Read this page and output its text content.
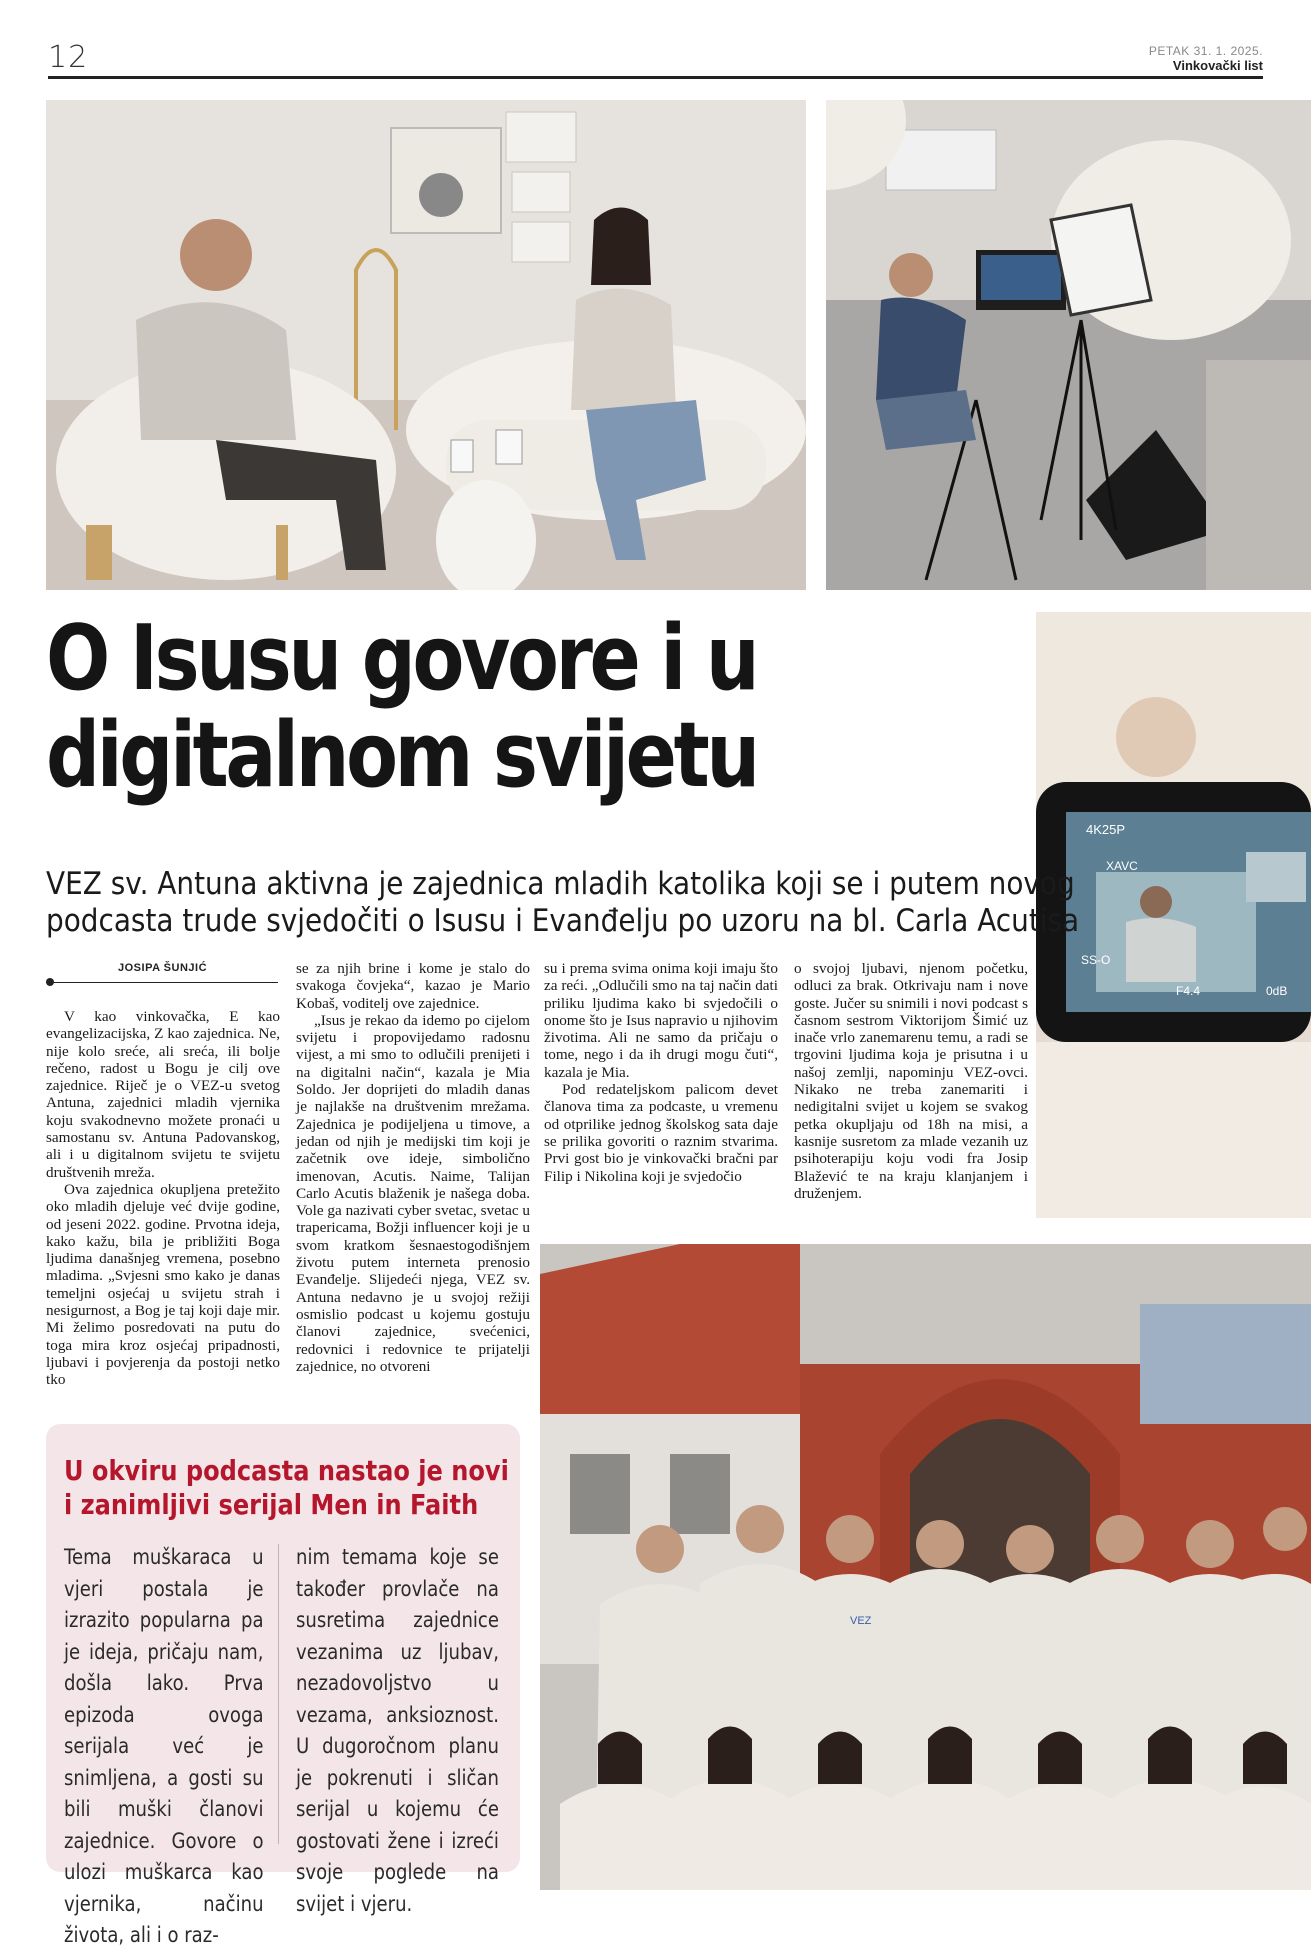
12	PETAK 31. 1. 2025.
Vinkovački list
4K25P
XAVC
SS-O
F4.4	0dB
VEZ
O Isusu govore i u
digitalnom svijetu
VEZ sv. Antuna aktivna je zajednica mladih katolika koji se i putem novog
podcasta trude svjedočiti o Isusu i Evanđelju po uzoru na bl. Carla Acutisa
JOSIPA ŠUNJIĆ

V kao vinkovačka, E kao evangelizacijska, Z kao zajednica. Ne, nije kolo sreće, ali sreća, ili bolje rečeno, radost u Bogu je cilj ove zajednice. Riječ je o VEZ-u svetog Antuna, zajednici mladih vjernika koju svakodnevno možete pronaći u samostanu sv. Antuna Padovanskog, ali i u digitalnom svijetu te svijetu društvenih mreža.

Ova zajednica okupljena pretežito oko mladih djeluje već dvije godine, od jeseni 2022. godine. Prvotna ideja, kako kažu, bila je približiti Boga ljudima današnjeg vremena, posebno mladima. „Svjesni smo kako je danas temeljni osjećaj u svijetu strah i nesigurnost, a Bog je taj koji daje mir. Mi želimo posredovati na putu do toga mira kroz osjećaj pripadnosti, ljubavi i povjerenja da postoji netko tko

se za njih brine i kome je stalo do svakoga čovjeka“, kazao je Mario Kobaš, voditelj ove zajednice.

„Isus je rekao da idemo po cijelom svijetu i propovijedamo radosnu vijest, a mi smo to odlučili prenijeti i na digitalni način“, kazala je Mia Soldo. Jer doprijeti do mladih danas je najlakše na društvenim mrežama. Zajednica je podijeljena u timove, a jedan od njih je medijski tim koji je začetnik ove ideje, simbolično imenovan, Acutis. Naime, Talijan Carlo Acutis blaženik je našega doba. Vole ga nazivati cyber svetac, svetac u trapericama, Božji influencer koji je u svom kratkom šesnaestogodišnjem životu putem interneta prenosio Evanđelje. Slijedeći njega, VEZ sv. Antuna nedavno je u svojoj režiji osmislio podcast u kojemu gostuju članovi zajednice, svećenici, redovnici i redovnice te prijatelji zajednice, no otvoreni

su i prema svima onima koji imaju što za reći. „Odlučili smo na taj način dati priliku ljudima kako bi svjedočili o onome što je Isus napravio u njihovim životima. Ali ne samo da pričaju o tome, nego i da ih drugi mogu čuti“, kazala je Mia.

Pod redateljskom palicom devet članova tima za podcaste, u vremenu od otprilike jednog školskog sata daje se prilika govoriti o raznim stvarima. Prvi gost bio je vinkovački bračni par Filip i Nikolina koji je svjedočio

o svojoj ljubavi, njenom početku, odluci za brak. Otkrivaju nam i nove goste. Jučer su snimili i novi podcast s časnom sestrom Viktorijom Šimić uz inače vrlo zanemarenu temu, a radi se trgovini ljudima koja je prisutna i u našoj zemlji, napominju VEZ-ovci. Nikako ne treba zanemariti i nedigitalni svijet u kojem se svakog petka okupljaju od 18h na misi, a kasnije susretom za mlade vezanih uz psihoterapiju koju vodi fra Josip Blažević te na kraju klanjanjem i druženjem.

U okviru podcasta nastao je novi
i zanimljivi serijal Men in Faith
Tema muškaraca u vjeri postala je izrazito popularna pa je ideja, pričaju nam, došla lako. Prva epizoda ovoga serijala već je snimljena, a gosti su bili muški članovi zajednice. Govore o ulozi muškarca kao vjernika, načinu života, ali i o raz-
nim temama koje se također provlače na susretima zajednice vezanima uz ljubav, nezadovoljstvo u vezama, anksioznost. U dugoročnom planu je pokrenuti i sličan serijal u kojemu će gostovati žene i izreći svoje poglede na svijet i vjeru.
